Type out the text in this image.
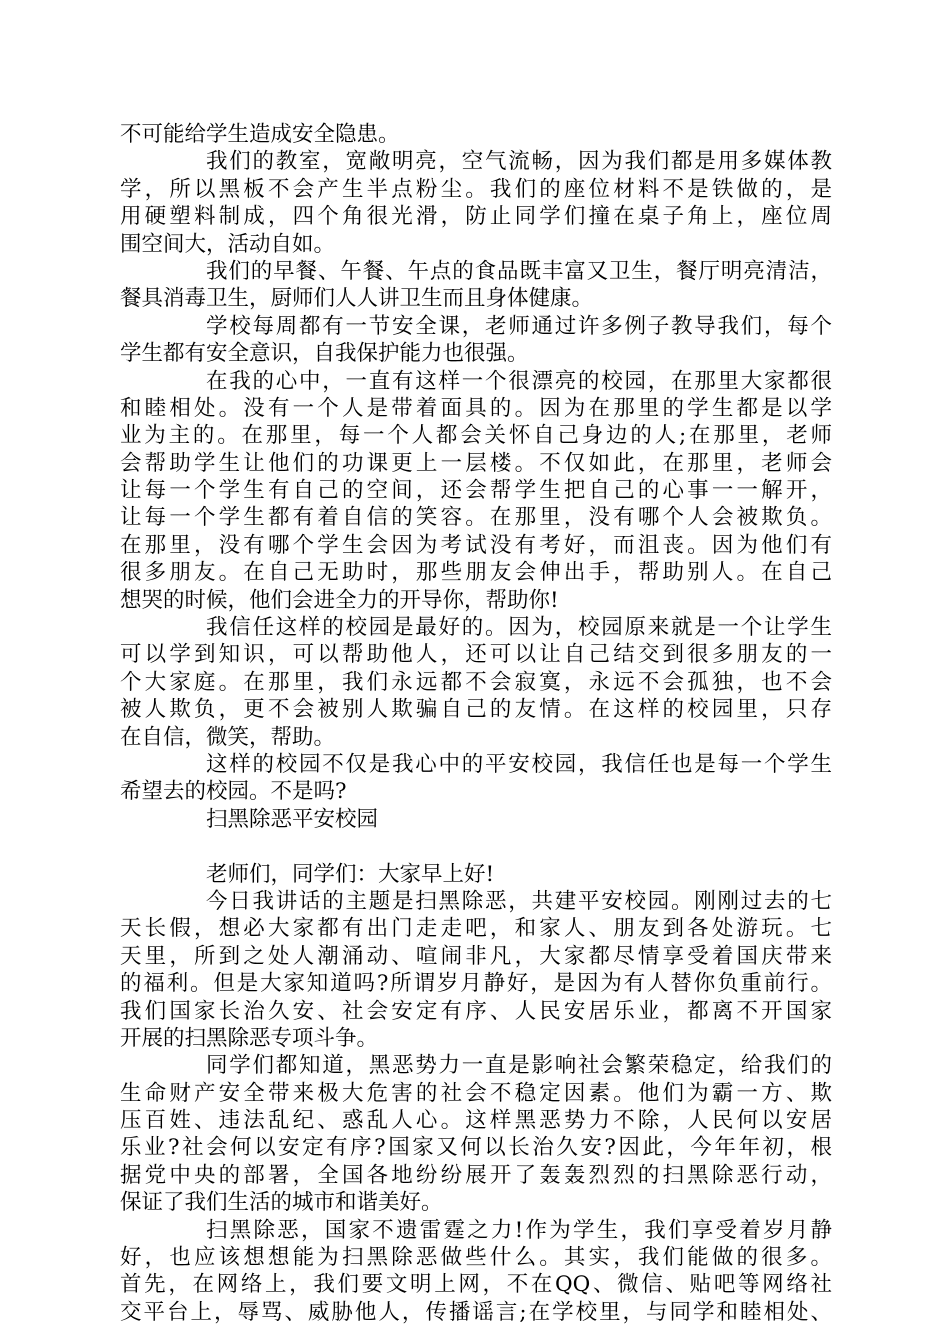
不可能给学生造成安全隐患。
我们的教室，宽敞明亮，空气流畅，因为我们都是用多媒体教
学，所以黑板不会产生半点粉尘。我们的座位材料不是铁做的，是
用硬塑料制成，四个角很光滑，防止同学们撞在桌子角上，座位周
围空间大，活动自如。
我们的早餐、午餐、午点的食品既丰富又卫生，餐厅明亮清洁，
餐具消毒卫生，厨师们人人讲卫生而且身体健康。
学校每周都有一节安全课，老师通过许多例子教导我们，每个
学生都有安全意识，自我保护能力也很强。
在我的心中，一直有这样一个很漂亮的校园，在那里大家都很
和睦相处。没有一个人是带着面具的。因为在那里的学生都是以学
业为主的。在那里，每一个人都会关怀自己身边的人;在那里，老师
会帮助学生让他们的功课更上一层楼。不仅如此，在那里，老师会
让每一个学生有自己的空间，还会帮学生把自己的心事一一解开，
让每一个学生都有着自信的笑容。在那里，没有哪个人会被欺负。
在那里，没有哪个学生会因为考试没有考好，而沮丧。因为他们有
很多朋友。在自己无助时，那些朋友会伸出手，帮助别人。在自己
想哭的时候，他们会进全力的开导你，帮助你!
我信任这样的校园是最好的。因为，校园原来就是一个让学生
可以学到知识，可以帮助他人，还可以让自己结交到很多朋友的一
个大家庭。在那里，我们永远都不会寂寞，永远不会孤独，也不会
被人欺负，更不会被别人欺骗自己的友情。在这样的校园里，只存
在自信，微笑，帮助。
这样的校园不仅是我心中的平安校园，我信任也是每一个学生
希望去的校园。不是吗?
扫黑除恶平安校园
老师们，同学们：大家早上好!
今日我讲话的主题是扫黑除恶，共建平安校园。刚刚过去的七
天长假，想必大家都有出门走走吧，和家人、朋友到各处游玩。七
天里，所到之处人潮涌动、喧闹非凡，大家都尽情享受着国庆带来
的福利。但是大家知道吗?所谓岁月静好，是因为有人替你负重前行。
我们国家长治久安、社会安定有序、人民安居乐业，都离不开国家
开展的扫黑除恶专项斗争。
同学们都知道，黑恶势力一直是影响社会繁荣稳定，给我们的
生命财产安全带来极大危害的社会不稳定因素。他们为霸一方、欺
压百姓、违法乱纪、惑乱人心。这样黑恶势力不除，人民何以安居
乐业?社会何以安定有序?国家又何以长治久安?因此，今年年初，根
据党中央的部署，全国各地纷纷展开了轰轰烈烈的扫黑除恶行动，
保证了我们生活的城市和谐美好。
扫黑除恶，国家不遗雷霆之力!作为学生，我们享受着岁月静
好，也应该想想能为扫黑除恶做些什么。其实，我们能做的很多。
首先，在网络上，我们要文明上网，不在QQ、微信、贴吧等网络社
交平台上，辱骂、威胁他人，传播谣言;在学校里，与同学和睦相处、
